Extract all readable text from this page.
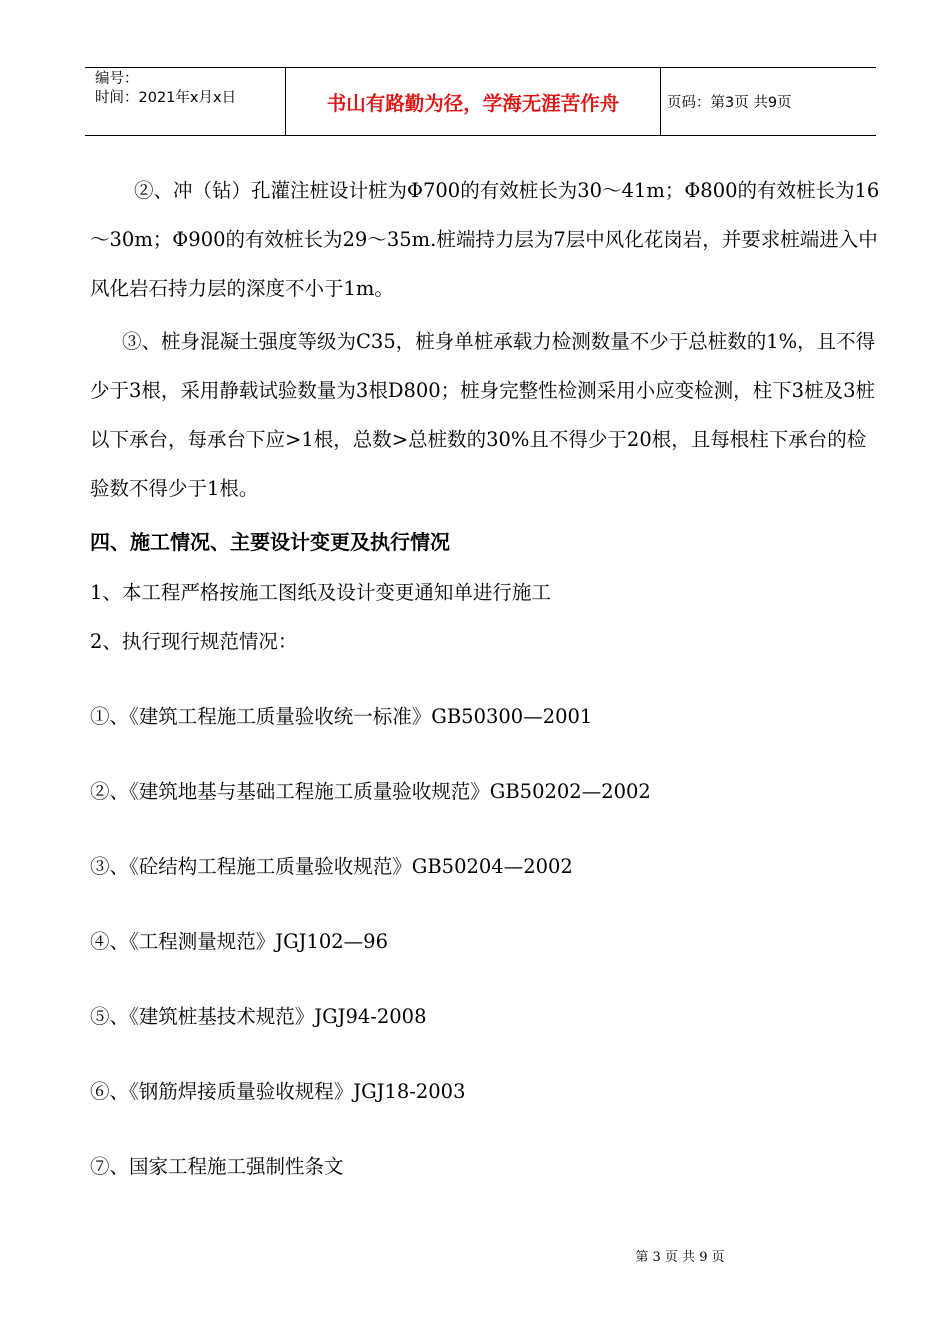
编号：
时间：2021年x月x日	书山有路勤为径，学海无涯苦作舟	页码：第3页 共9页

②、冲（钻）孔灌注桩设计桩为Φ700的有效桩长为30～41m；Φ800的有效桩长为16～30m；Φ900的有效桩长为29～35m.桩端持力层为7层中风化花岗岩，并要求桩端进入中风化岩石持力层的深度不小于1m。

③、桩身混凝土强度等级为C35，桩身单桩承载力检测数量不少于总桩数的1%，且不得少于3根，采用静载试验数量为3根D800；桩身完整性检测采用小应变检测，柱下3桩及3桩以下承台，每承台下应>1根，总数>总桩数的30%且不得少于20根，且每根柱下承台的检验数不得少于1根。

四、施工情况、主要设计变更及执行情况

1、本工程严格按施工图纸及设计变更通知单进行施工

2、执行现行规范情况：

①、《建筑工程施工质量验收统一标准》GB50300—2001

②、《建筑地基与基础工程施工质量验收规范》GB50202—2002

③、《砼结构工程施工质量验收规范》GB50204—2002

④、《工程测量规范》JGJ102—96

⑤、《建筑桩基技术规范》JGJ94-2008

⑥、《钢筋焊接质量验收规程》JGJ18-2003

⑦、国家工程施工强制性条文

第 3 页 共 9 页
